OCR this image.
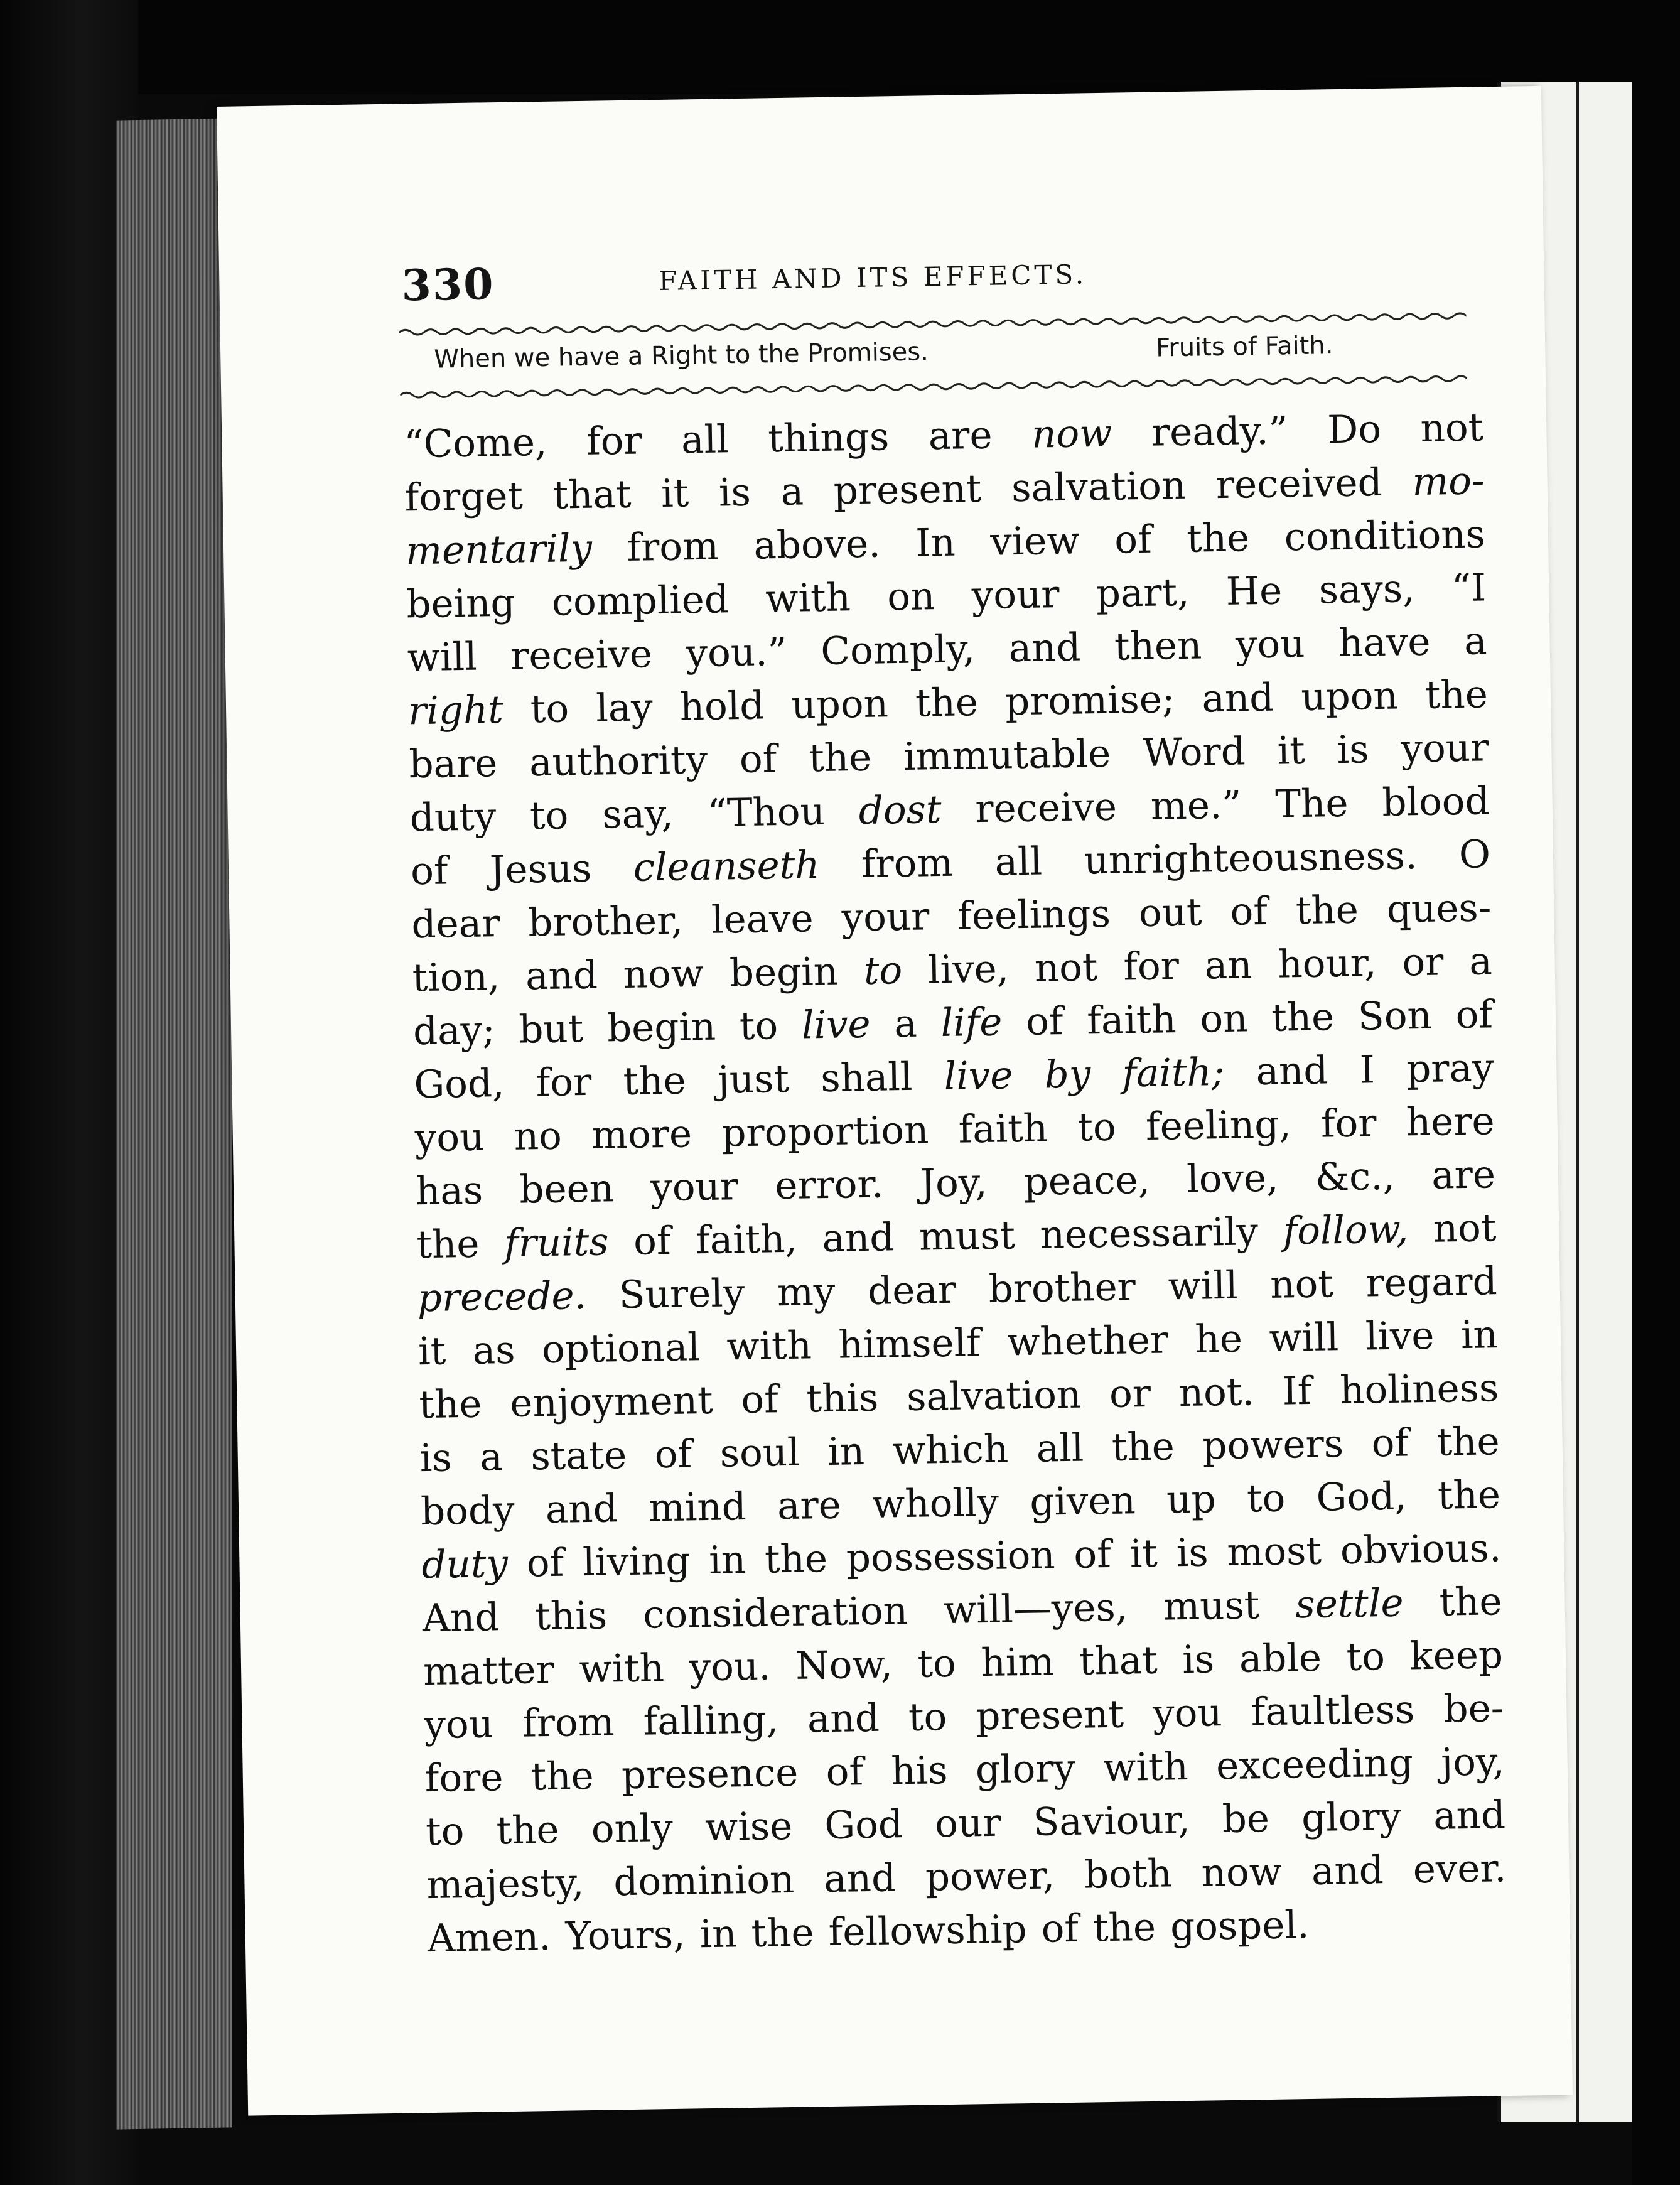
330	FAITH AND ITS EFFECTS.
When we have a Right to the Promises.	Fruits of Faith.
“Come, for all things are now ready.” Do not
forget that it is a present salvation received mo-
mentarily from above. In view of the conditions
being complied with on your part, He says, “I
will receive you.” Comply, and then you have a
right to lay hold upon the promise; and upon the
bare authority of the immutable Word it is your
duty to say, “Thou dost receive me.” The blood
of Jesus cleanseth from all unrighteousness. O
dear brother, leave your feelings out of the ques-
tion, and now begin to live, not for an hour, or a
day; but begin to live a life of faith on the Son of
God, for the just shall live by faith; and I pray
you no more proportion faith to feeling, for here
has been your error. Joy, peace, love, &c., are
the fruits of faith, and must necessarily follow, not
precede. Surely my dear brother will not regard
it as optional with himself whether he will live in
the enjoyment of this salvation or not. If holiness
is a state of soul in which all the powers of the
body and mind are wholly given up to God, the
duty of living in the possession of it is most obvious.
And this consideration will—yes, must settle the
matter with you. Now, to him that is able to keep
you from falling, and to present you faultless be-
fore the presence of his glory with exceeding joy,
to the only wise God our Saviour, be glory and
majesty, dominion and power, both now and ever.
Amen. Yours, in the fellowship of the gospel.
